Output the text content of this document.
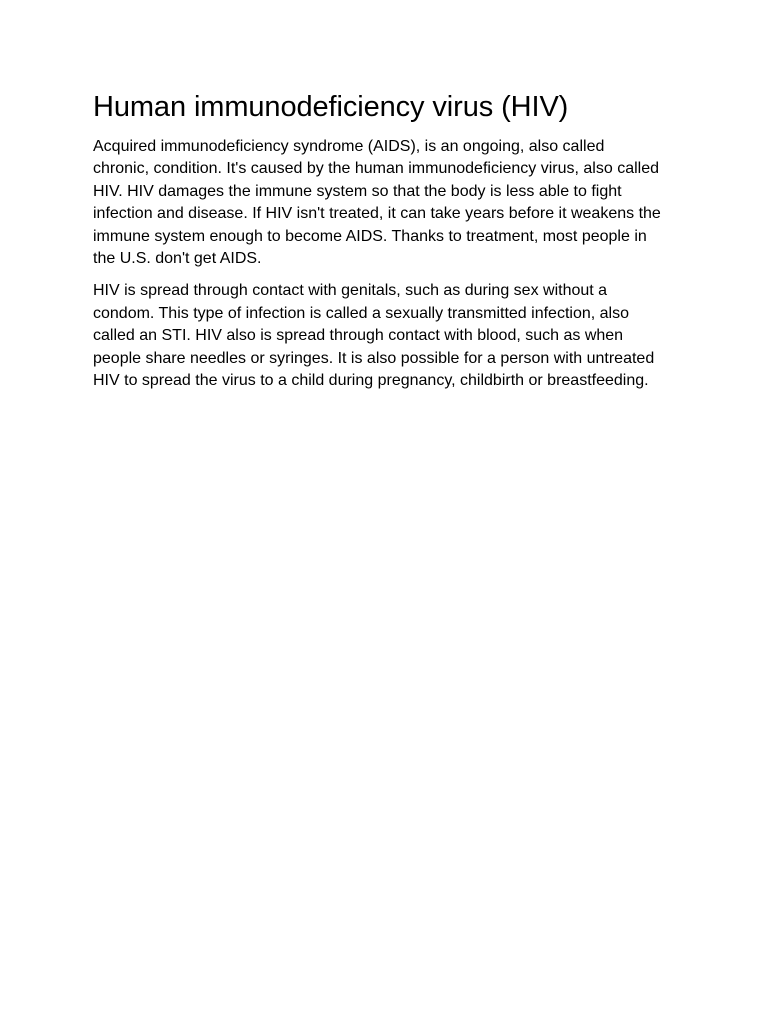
Human immunodeficiency virus (HIV)

Acquired immunodeficiency syndrome (AIDS), is an ongoing, also called chronic, condition. It's caused by the human immunodeficiency virus, also called HIV. HIV damages the immune system so that the body is less able to fight infection and disease. If HIV isn't treated, it can take years before it weakens the immune system enough to become AIDS. Thanks to treatment, most people in the U.S. don't get AIDS.

HIV is spread through contact with genitals, such as during sex without a condom. This type of infection is called a sexually transmitted infection, also called an STI. HIV also is spread through contact with blood, such as when people share needles or syringes. It is also possible for a person with untreated HIV to spread the virus to a child during pregnancy, childbirth or breastfeeding.
